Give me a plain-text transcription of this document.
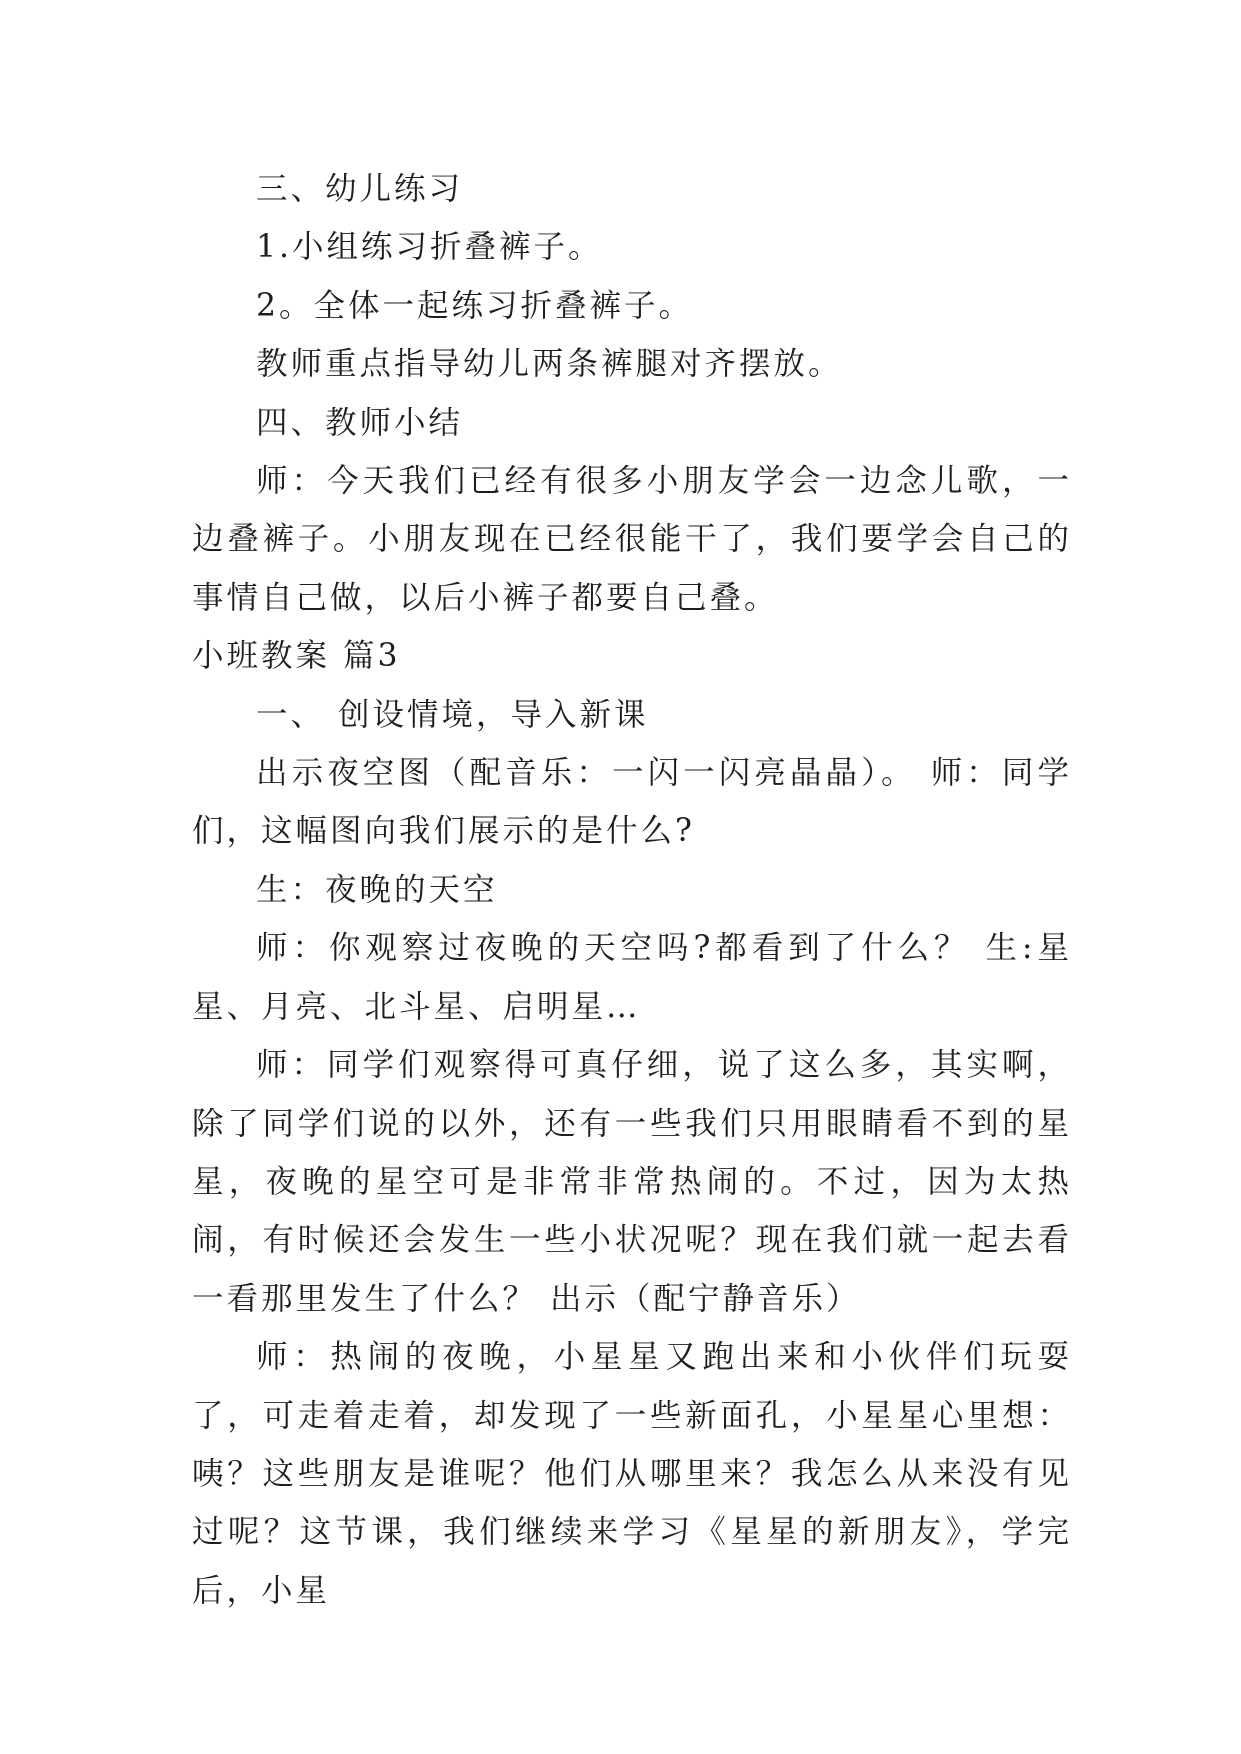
三、幼儿练习

1.小组练习折叠裤子。

2。全体一起练习折叠裤子。

教师重点指导幼儿两条裤腿对齐摆放。

四、教师小结

师：今天我们已经有很多小朋友学会一边念儿歌，一边叠裤子。小朋友现在已经很能干了，我们要学会自己的事情自己做，以后小裤子都要自己叠。

小班教案 篇3

一、 创设情境，导入新课

出示夜空图（配音乐：一闪一闪亮晶晶）。 师：同学们，这幅图向我们展示的是什么?

生：夜晚的天空

师：你观察过夜晚的天空吗?都看到了什么？ 生:星星、月亮、北斗星、启明星…

师：同学们观察得可真仔细，说了这么多，其实啊，除了同学们说的以外，还有一些我们只用眼睛看不到的星星，夜晚的星空可是非常非常热闹的。不过，因为太热闹，有时候还会发生一些小状况呢？现在我们就一起去看一看那里发生了什么？ 出示（配宁静音乐）

师：热闹的夜晚，小星星又跑出来和小伙伴们玩耍了，可走着走着，却发现了一些新面孔，小星星心里想：咦？这些朋友是谁呢？他们从哪里来？我怎么从来没有见过呢？这节课，我们继续来学习《星星的新朋友》，学完后，小星
